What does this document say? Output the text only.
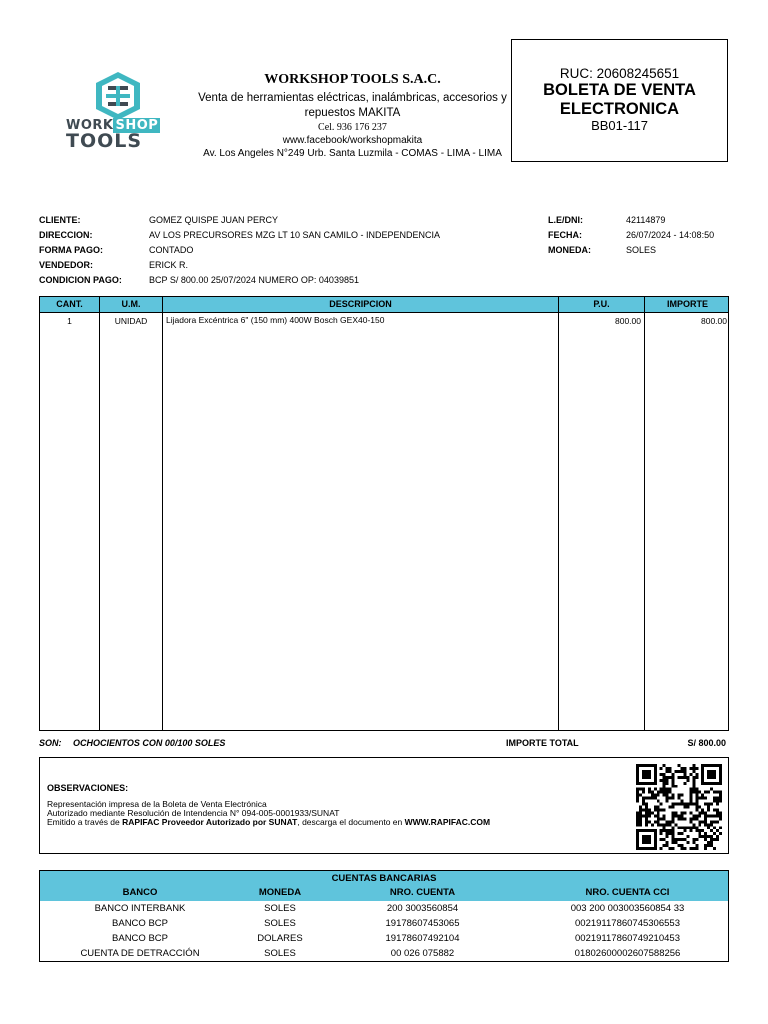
WORK SHOP
TOOLS
WORKSHOP TOOLS S.A.C.
Venta de herramientas eléctricas, inalámbricas, accesorios y
repuestos MAKITA
Cel. 936 176 237
www.facebook/workshopmakita
Av. Los Angeles N°249 Urb. Santa Luzmila - COMAS - LIMA - LIMA
RUC: 20608245651
BOLETA DE VENTA
ELECTRONICA
BB01-117
CLIENTE:	GOMEZ QUISPE JUAN PERCY
DIRECCION:	AV LOS PRECURSORES MZG LT 10 SAN CAMILO - INDEPENDENCIA
FORMA PAGO:	CONTADO
VENDEDOR:	ERICK R.
CONDICION PAGO:	BCP S/ 800.00 25/07/2024 NUMERO OP: 04039851
L.E/DNI:	42114879
FECHA:	26/07/2024 - 14:08:50
MONEDA:	SOLES
CANT.	U.M.	DESCRIPCION	P.U.	IMPORTE
1	UNIDAD	Lijadora Excéntrica 6" (150 mm) 400W Bosch GEX40-150	800.00	800.00
SON: OCHOCIENTOS CON 00/100 SOLES	IMPORTE TOTAL	S/ 800.00
OBSERVACIONES:
Representación impresa de la Boleta de Venta Electrónica
Autorizado mediante Resolución de Intendencia N° 094-005-0001933/SUNAT
Emitido a través de RAPIFAC Proveedor Autorizado por SUNAT, descarga el documento en WWW.RAPIFAC.COM
CUENTAS BANCARIAS
BANCO	MONEDA	NRO. CUENTA	NRO. CUENTA CCI
BANCO INTERBANK	SOLES	200 3003560854	003 200 003003560854 33
BANCO BCP	SOLES	19178607453065	00219117860745306553
BANCO BCP	DOLARES	19178607492104	00219117860749210453
CUENTA DE DETRACCIÓN	SOLES	00 026 075882	01802600002607588256
